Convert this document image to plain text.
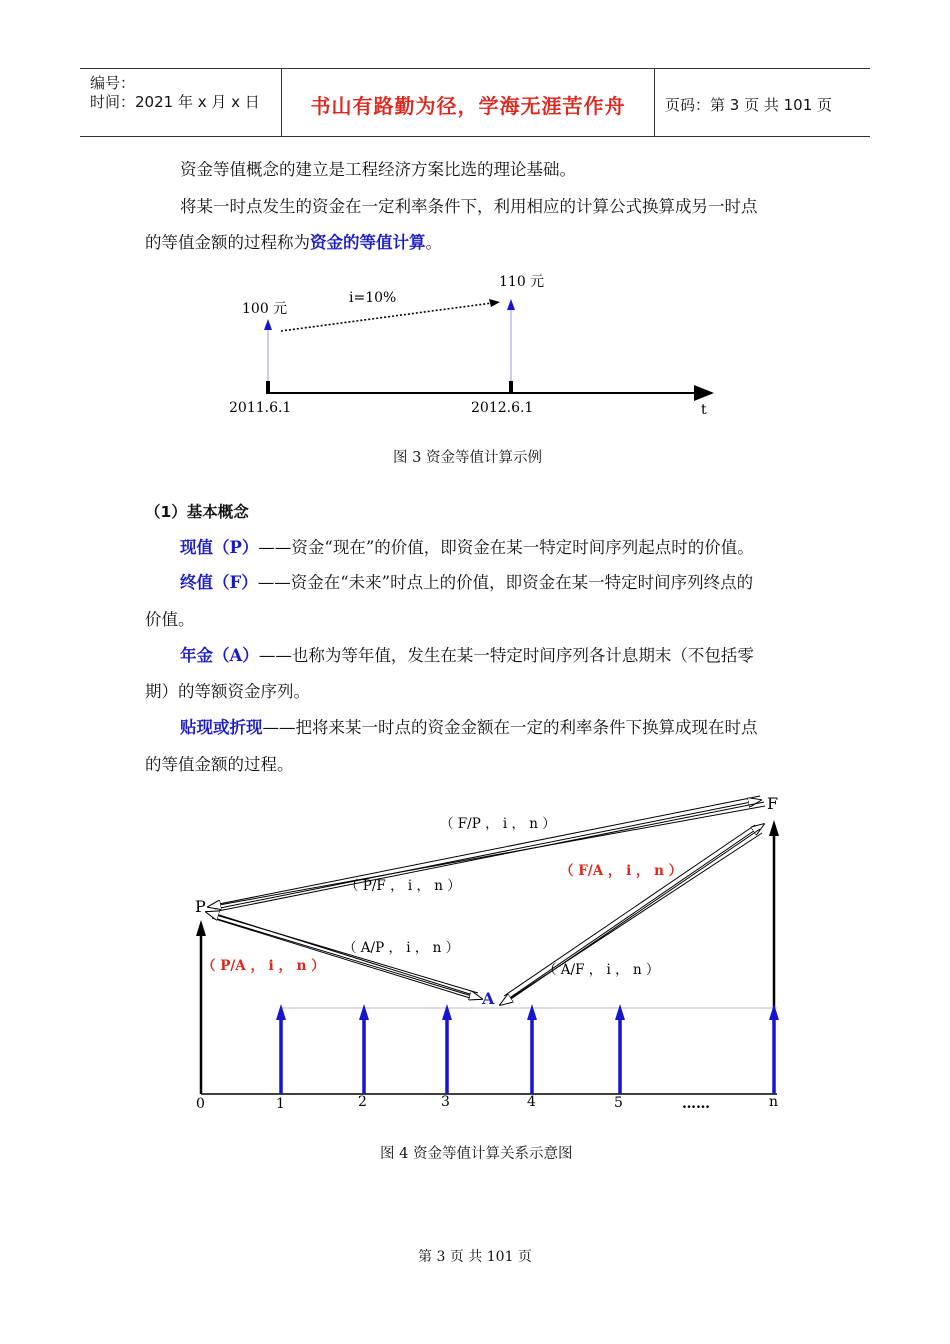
编号：
时间：2021 年 x 月 x 日	书山有路勤为径，学海无涯苦作舟	页码：第 3 页 共 101 页
资金等值概念的建立是工程经济方案比选的理论基础。
将某一时点发生的资金在一定利率条件下，利用相应的计算公式换算成另一时点
的等值金额的过程称为资金的等值计算。
100 元
110 元
i=10%
2011.6.1	2012.6.1	t
图 3 资金等值计算示例
（1）基本概念
现值（P）——资金“现在”的价值，即资金在某一特定时间序列起点时的价值。
终值（F）——资金在“未来”时点上的价值，即资金在某一特定时间序列终点的
价值。
年金（A）——也称为等年值，发生在某一特定时间序列各计息期末（不包括零
期）的等额资金序列。
贴现或折现——把将来某一时点的资金金额在一定的利率条件下换算成现在时点
的等值金额的过程。
P
F
A
（ F/P ， i ， n ）
（ P/F ， i ， n ）
（ F/A ， i ， n ）
（ A/P ， i ， n ）
（ P/A ， i ， n ）	（ A/F ， i ， n ）
0	1	2	3	4	5	……	n
图 4 资金等值计算关系示意图
第 3 页 共 101 页
